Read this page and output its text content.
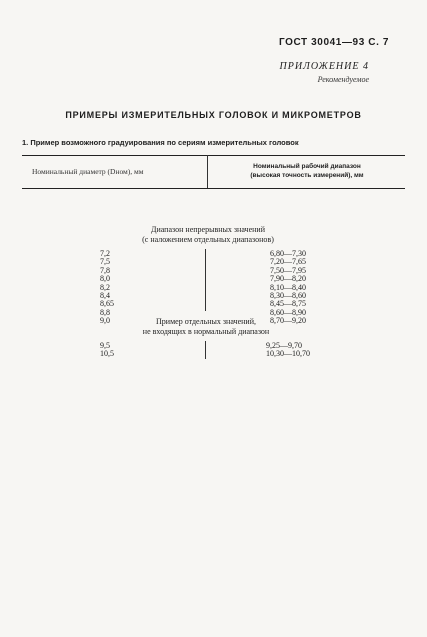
ГОСТ 30041—93 С. 7
ПРИЛОЖЕНИЕ 4
Рекомендуемое
ПРИМЕРЫ ИЗМЕРИТЕЛЬНЫХ ГОЛОВОК И МИКРОМЕТРОВ
1. Пример возможного градуирования по сериям измерительных головок
Номинальный диаметр (Dном), мм
Номинальный рабочий диапазон
(высокая точность измерений), мм
Диапазон непрерывных значений
(с наложением отдельных диапазонов)
7,2
7,5
7,8
8,0
8,2
8,4
8,65
8,8
9,0
6,80—7,30
7,20—7,65
7,50—7,95
7,90—8,20
8,10—8,40
8,30—8,60
8,45—8,75
8,60—8,90
8,70—9,20
Пример отдельных значений,
не входящих в нормальный диапазон
9,5
10,5
9,25—9,70
10,30—10,70
